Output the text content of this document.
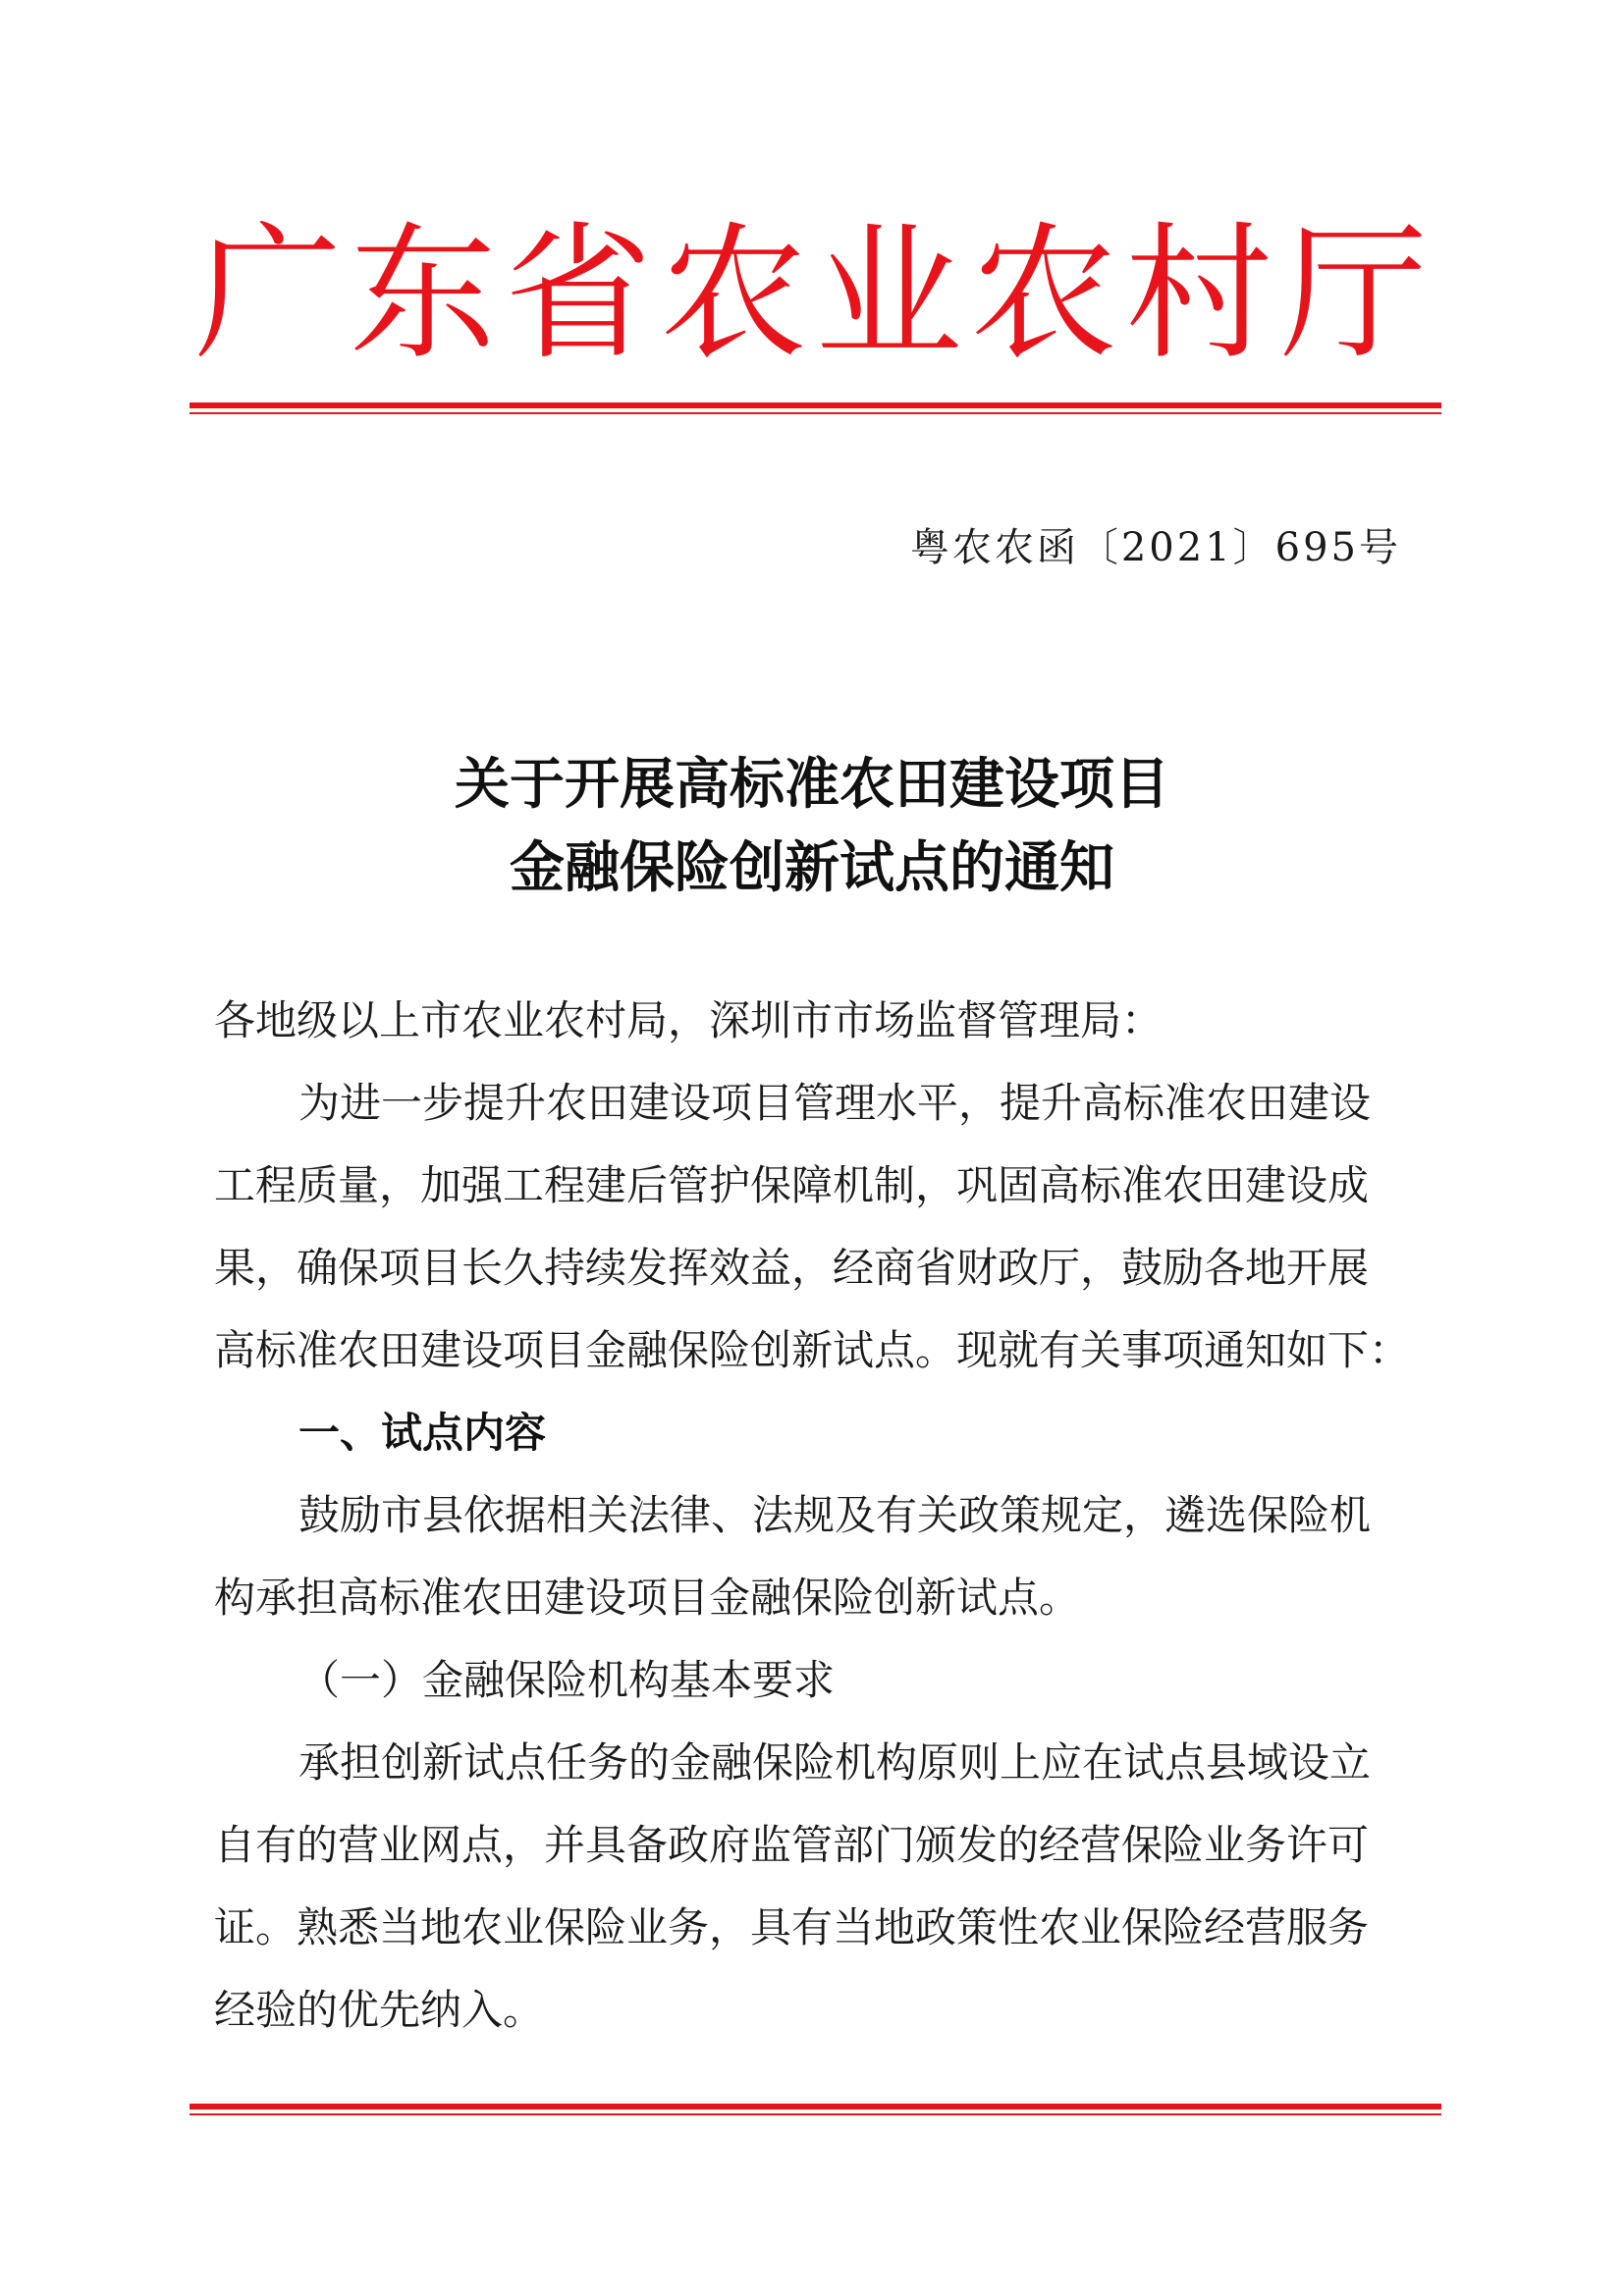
广东省农业农村厅
粤农农函〔2021〕695号
关于开展高标准农田建设项目
金融保险创新试点的通知
各地级以上市农业农村局，深圳市市场监督管理局：
为进一步提升农田建设项目管理水平，提升高标准农田建设
工程质量，加强工程建后管护保障机制，巩固高标准农田建设成
果，确保项目长久持续发挥效益，经商省财政厅，鼓励各地开展
高标准农田建设项目金融保险创新试点。现就有关事项通知如下：
一、试点内容
鼓励市县依据相关法律、法规及有关政策规定，遴选保险机
构承担高标准农田建设项目金融保险创新试点。
（一）金融保险机构基本要求
承担创新试点任务的金融保险机构原则上应在试点县域设立
自有的营业网点，并具备政府监管部门颁发的经营保险业务许可
证。熟悉当地农业保险业务，具有当地政策性农业保险经营服务
经验的优先纳入。
